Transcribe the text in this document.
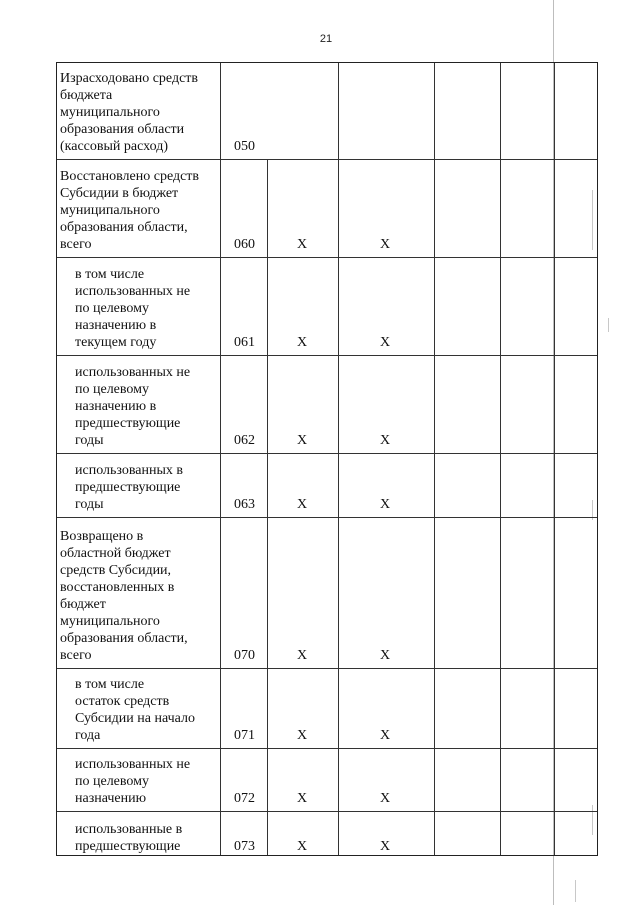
21
Израсходовано средств
бюджета
муниципального
образования области
(кассовый расход)	050
Восстановлено средств
Субсидии в бюджет
муниципального
образования области,
всего	060	X	X
в том числе
использованных не
по целевому
назначению в
текущем году	061	X	X
использованных не
по целевому
назначению в
предшествующие
годы	062	X	X
использованных в
предшествующие
годы	063	X	X
Возвращено в
областной бюджет
средств Субсидии,
восстановленных в
бюджет
муниципального
образования области,
всего	070	X	X
в том числе
остаток средств
Субсидии на начало
года	071	X	X
использованных не
по целевому
назначению	072	X	X
использованные в
предшествующие	073	X	X
